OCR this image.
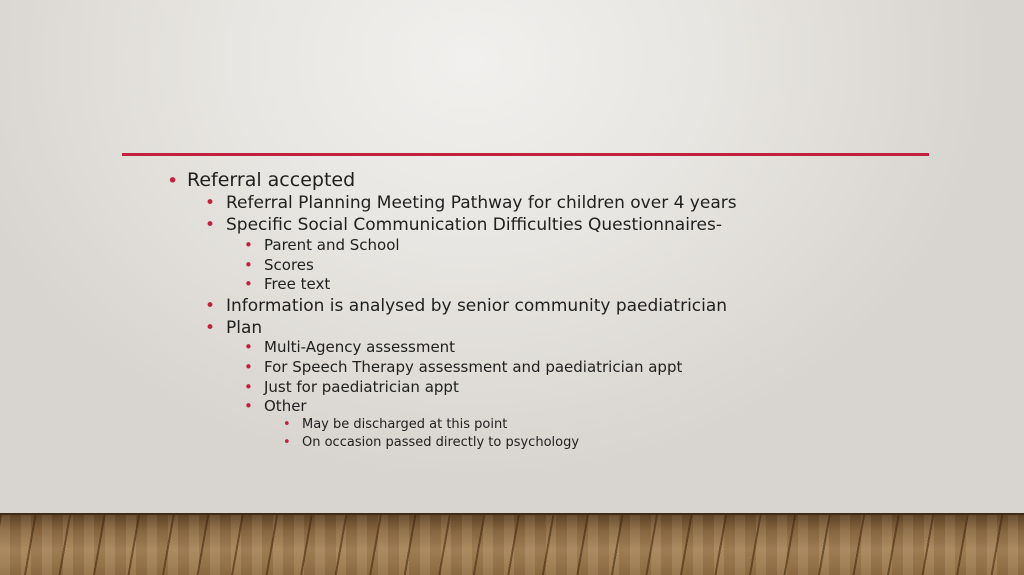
• Referral accepted
• Referral Planning Meeting Pathway for children over 4 years
• Specific Social Communication Difficulties Questionnaires-
• Parent and School
• Scores
• Free text
• Information is analysed by senior community paediatrician
• Plan
• Multi-Agency assessment
• For Speech Therapy assessment and paediatrician appt
• Just for paediatrician appt
• Other
• May be discharged at this point
• On occasion passed directly to psychology
